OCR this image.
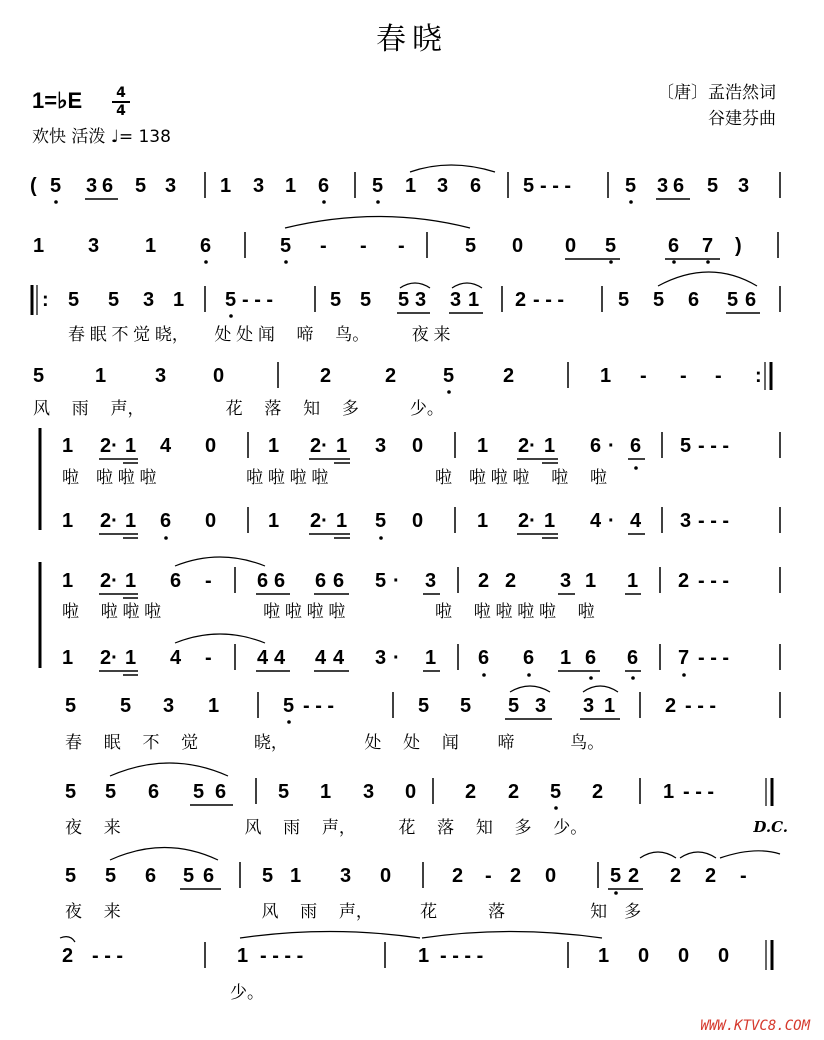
春晓
1=♭E 4
4
欢快 活泼 ♩= 138
〔唐〕孟浩然词
谷建芬曲
( 5 3 6 5 3 1 3 1 6 5 1 3 6 5 - - -	5 3 6 5 3
1 3 1 6	5 - - -	5 0 0 5	6 7 )
: 5 5 3 1 5 - - -	5 5 5 3 3 1 2 - - -	5 5 6 5 6
5	1 3 0	2	2 5 2	1 - - - :
1 2· 1 4 0	1 2· 1 3 0	1 2· 1 6 · 6 5 - - -
1 2· 1 6 0	1 2· 1 5 0	1 2· 1 4 · 4 3 - - -
1 2· 1 6 - 6 6 6 6 5 · 3 2 2 3 1 1 2 - - -
1 2· 1 4 - 4 4 4 4 3 · 1 6 6 1 6 6 7 - - -
5 5 3 1	5 - - -	5 5 5 3 3 1 2 - - -
5 5 6 5 6	5 1 3 0 2 2 5 2	1 - - -
5 5 6 5 6 5 1 3 0	2 - 2 0	5 2 2 2 -
2 - - -	1 - - - -	1 - - - -	1 0 0 0
春 眠 不 觉 晓，　　处 处 闻 　啼　 鸟。　　　夜 来
风　 雨　 声，　　　　　 花　 落　 知　 多　　　少。
啦　啦 啦 啦　　　　　 啦 啦 啦 啦　　　　　　 啦　啦 啦 啦　 啦　 啦
啦　 啦 啦 啦　　　　　　啦 啦 啦 啦　　　　　 啦　 啦 啦 啦 啦　 啦
春　 眠　 不　 觉　　　 晓，　　　　　处　 处　 闻　　 啼　　　 鸟。
夜　 来　　　　　　　 风　 雨　 声，　　　花　 落　 知　 多　 少。
夜　 来　　　　　　　　 风　 雨　 声，　　　 花　　　落　　　　　知　多
少。
D.C.
WWW.KTVC8.COM
